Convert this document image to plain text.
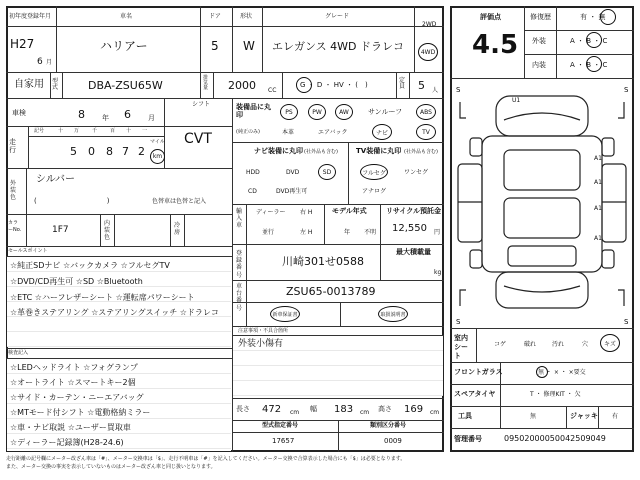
初年度登録年月
H27
6 月
車名
ハリアー
ドア
5
形状
W
グレード
エレガンス 4WD ドラレコ
2WD
4WD
自家用 型式	DBA-ZSU65W
排気量 2000 CC
G ・ D ・ HV ・ (　)
定員 5 人
車検	8 年 6 月
シフト
CVT
走行
記号	十 万	千	百 十 一
5 0 8 7 2
マイル
km
外装色
シルバー
(　　　　　　　　　　)	色替車は色替と記入
カラーNo.	1F7
内装色
冷房
セールスポイント
☆純正SDナビ ☆バックカメラ ☆フルセグTV
☆DVD/CD再生可 ☆SD ☆Bluetooth
☆ETC ☆ハーフレザーシート ☆運転席パワーシート
☆革巻きステアリング ☆ステアリングスイッチ ☆ドラレコ
検査記入
☆LEDヘッドライト ☆フォグランプ
☆オートライト ☆スマートキー2個
☆サイド・カーテン・ニーエアバッグ
☆MTモード付シフト ☆電動格納ミラー
☆車・ナビ取説 ☆ユーザー買取車
☆ディーラー記録簿(H28-24.6)
装備品に丸印
(純正のみ)
PS	PW	AW	サンルーフ	ABS
本革	エアバック	ナビ	TV
ナビ装備に丸印 (社外品も含む)
HDD	DVD	SD
CD	DVD再生可
TV装備に丸印 (社外品も含む)
フルセグ	ワンセグ
アナログ
輸入車
ディーラー
並行
右 H
左 H
モデル年式
年 不明
リサイクル預託金
12,550 円
登録番号
川崎301せ0588
最大積載量
kg
車台番号
ZSU65-0013789
新車保証書	取扱説明書
注意事項・不具合箇所
外装小傷有
長さ 472 cm 幅 183 cm 高さ 169 cm
型式指定番号
17657
類別区分番号
0009
評価点
4.5
修復歴	有 ・ 無
外装	A ・ B ・ C
内装	A ・ B ・ C
S	S
S	S
U1
A1
A1
A1
A1
室内シート
コゲ	破れ	汚れ	穴	キズ
フロントガラス	無 ・ × ・ ×要交
スペアタイヤ	T ・ 修理KIT ・ 欠
工具	無	ジャッキ 有
管理番号	09502000050042509049
走行距離の記号欄にメーター改ざん車は「#」、メーター交換車は「$」、走行不明車は「#」を記入してください。メーター交換で合算表示した場合にも「$」は必要となります。
また、メーター交換の事実を表示していないものはメーター改ざん車と同じ扱いとなります。
